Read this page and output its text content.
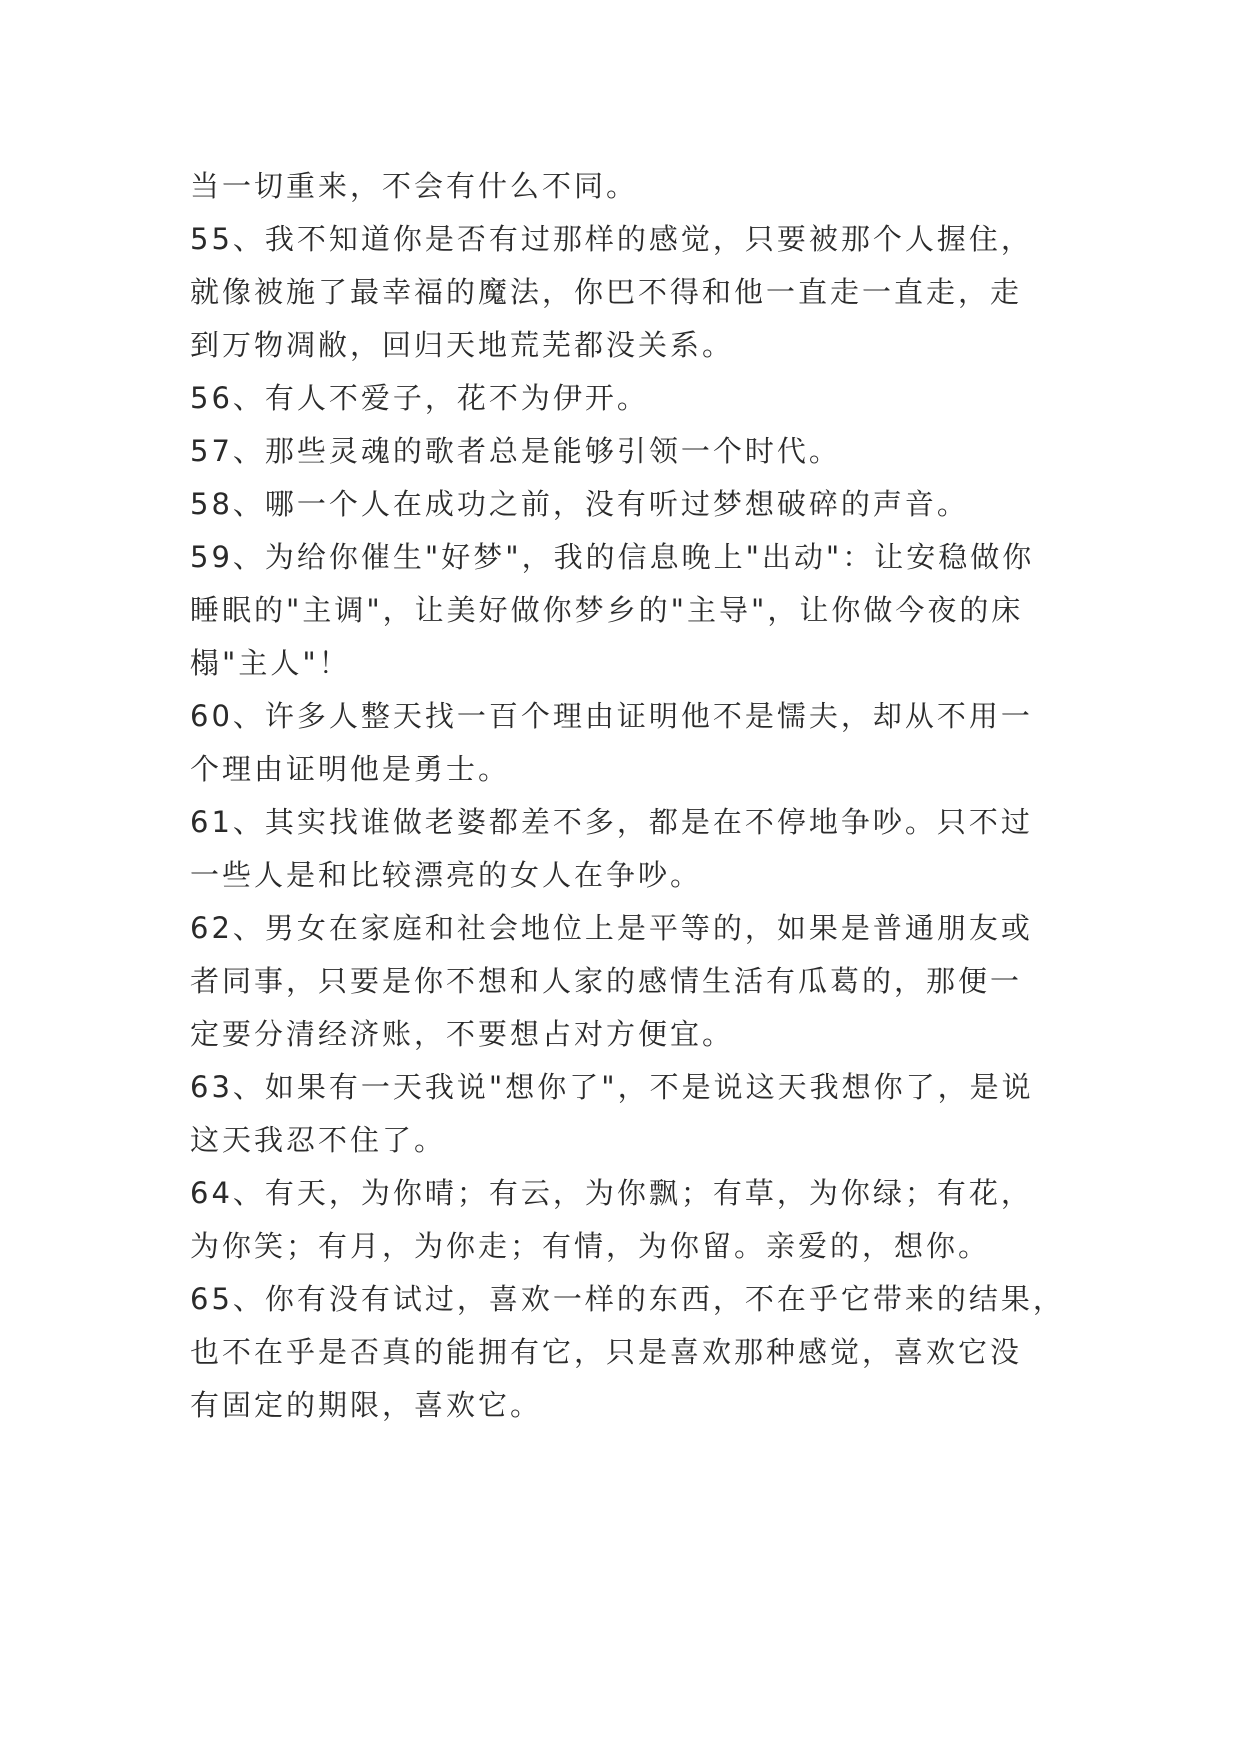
当一切重来，不会有什么不同。
55、我不知道你是否有过那样的感觉，只要被那个人握住，
就像被施了最幸福的魔法，你巴不得和他一直走一直走，走
到万物凋敝，回归天地荒芜都没关系。
56、有人不爱子，花不为伊开。
57、那些灵魂的歌者总是能够引领一个时代。
58、哪一个人在成功之前，没有听过梦想破碎的声音。
59、为给你催生"好梦"，我的信息晚上"出动"：让安稳做你
睡眠的"主调"，让美好做你梦乡的"主导"，让你做今夜的床
榻"主人"！
60、许多人整天找一百个理由证明他不是懦夫，却从不用一
个理由证明他是勇士。
61、其实找谁做老婆都差不多，都是在不停地争吵。只不过
一些人是和比较漂亮的女人在争吵。
62、男女在家庭和社会地位上是平等的，如果是普通朋友或
者同事，只要是你不想和人家的感情生活有瓜葛的，那便一
定要分清经济账，不要想占对方便宜。
63、如果有一天我说"想你了"，不是说这天我想你了，是说
这天我忍不住了。
64、有天，为你晴；有云，为你飘；有草，为你绿；有花，
为你笑；有月，为你走；有情，为你留。亲爱的，想你。
65、你有没有试过，喜欢一样的东西，不在乎它带来的结果，
也不在乎是否真的能拥有它，只是喜欢那种感觉，喜欢它没
有固定的期限，喜欢它。
